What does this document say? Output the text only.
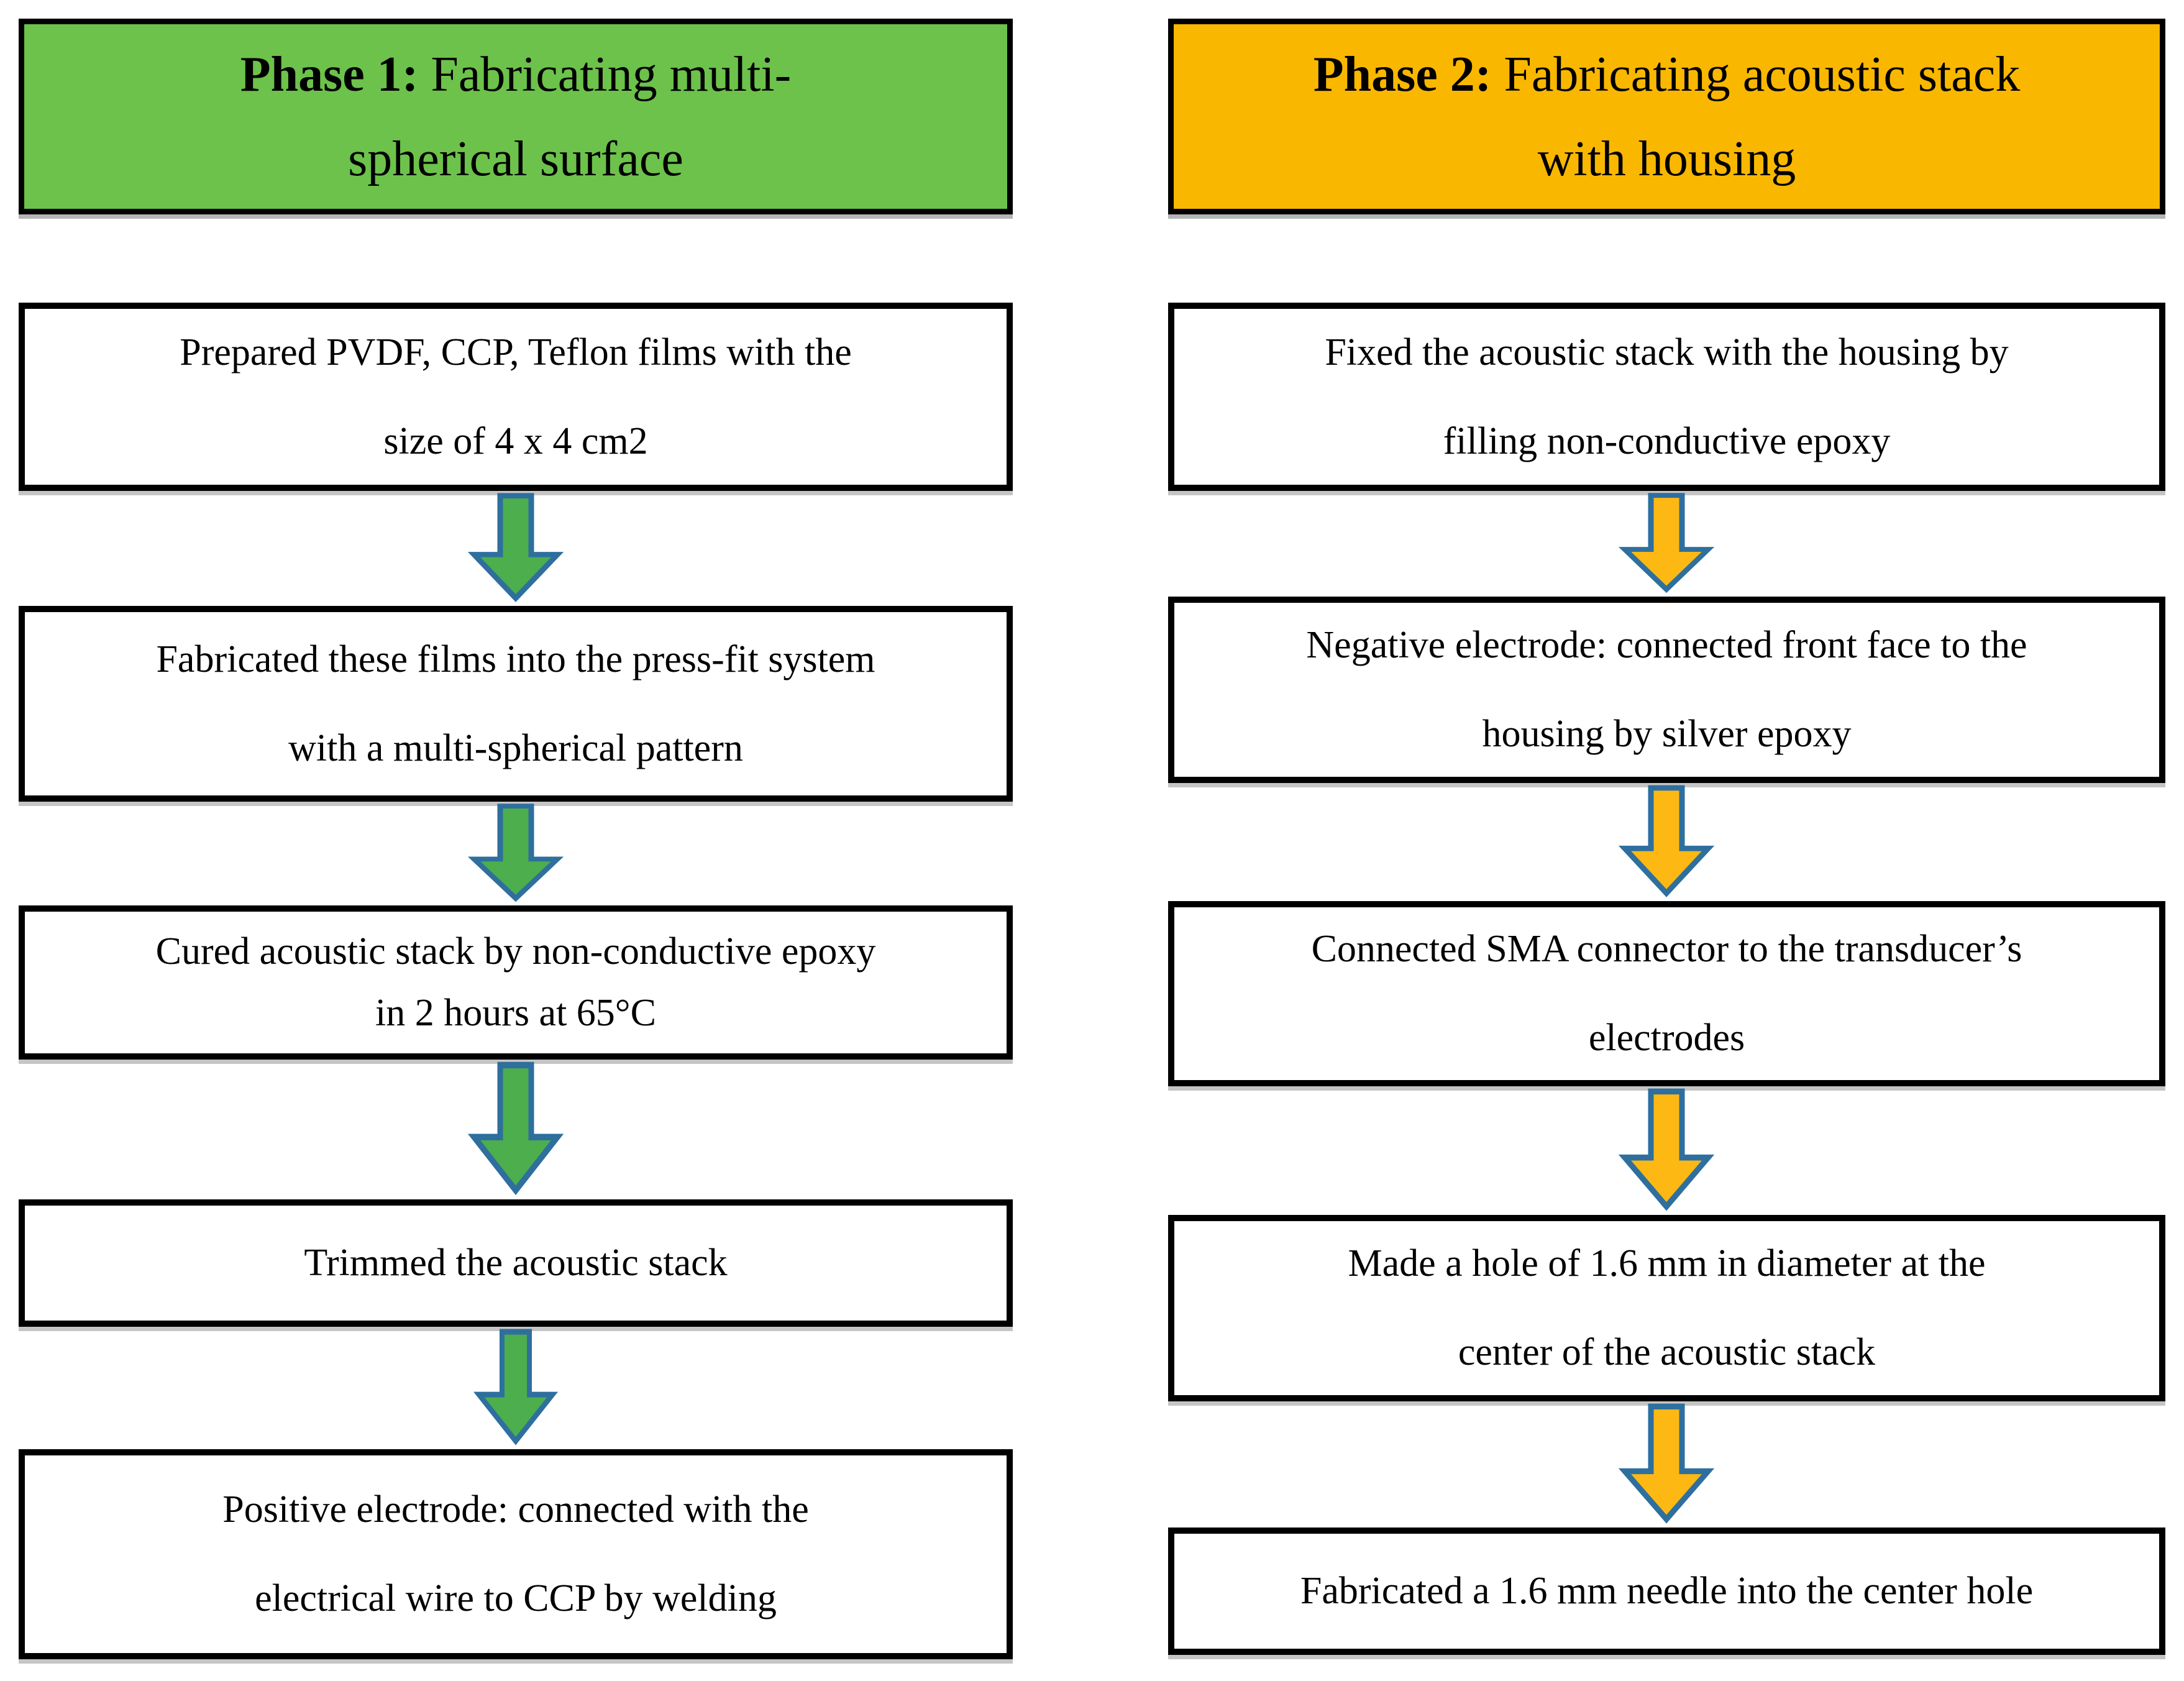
Phase 1: Fabricating multi-
spherical surface
Prepared PVDF, CCP, Teflon films with the
size of 4 x 4 cm2
Fabricated these films into the press-fit system
with a multi-spherical pattern
Cured acoustic stack by non-conductive epoxy
in 2 hours at 65°C
Trimmed the acoustic stack
Positive electrode: connected with the
electrical wire to CCP by welding
Phase 2: Fabricating acoustic stack
with housing
Fixed the acoustic stack with the housing by
filling non-conductive epoxy
Negative electrode: connected front face to the
housing by silver epoxy
Connected SMA connector to the transducer’s
electrodes
Made a hole of 1.6 mm in diameter at the
center of the acoustic stack
Fabricated a 1.6 mm needle into the center hole
